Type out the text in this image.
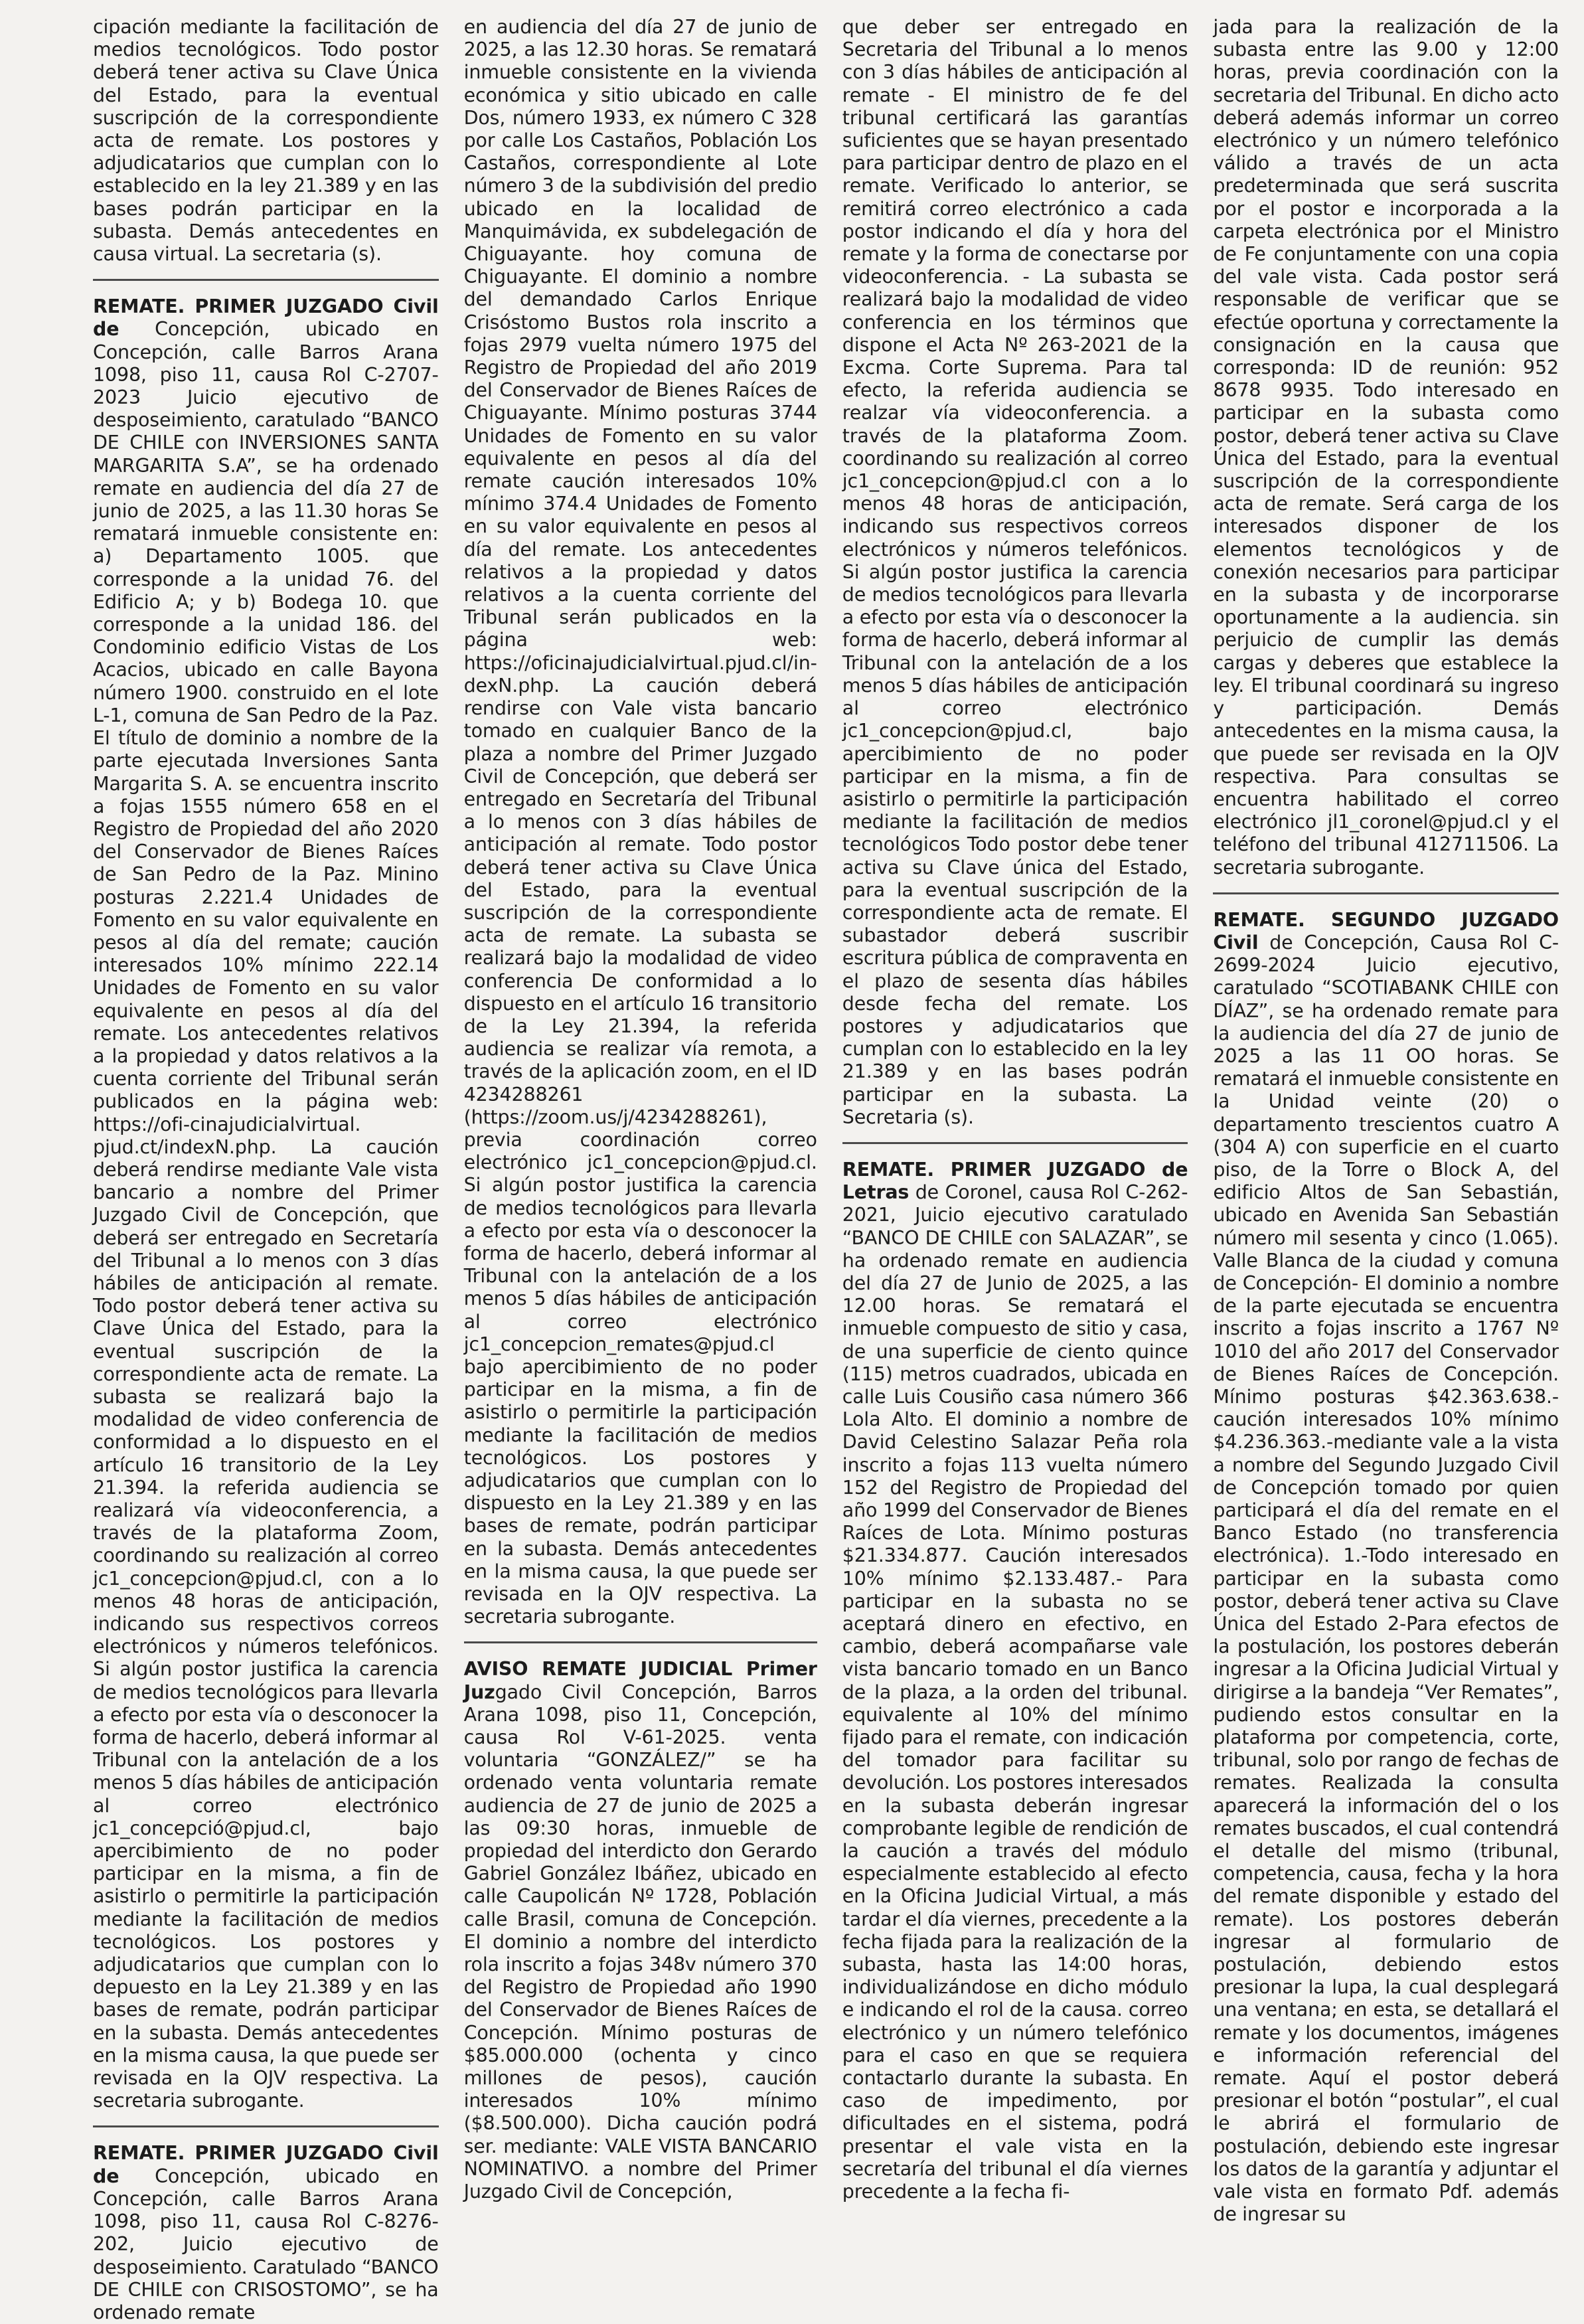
cipación mediante la facilitación de medios tecnológicos. Todo postor deberá tener activa su Clave Única del Estado, para la eventual suscripción de la correspondiente acta de remate. Los postores y adjudicatarios que cumplan con lo establecido en la ley 21.389 y en las bases podrán participar en la subasta. Demás antecedentes en causa virtual. La secretaria (s).

REMATE. PRIMER JUZGADO Civil de Concepción, ubicado en Concepción, calle Barros Arana 1098, piso 11, causa Rol C-2707-2023 Juicio ejecutivo de desposeimiento, caratulado “BANCO DE CHILE con INVERSIONES SANTA MARGARITA S.A”, se ha ordenado remate en audiencia del día 27 de junio de 2025, a las 11.30 horas Se rematará inmueble consistente en: a) Departamento 1005. que corresponde a la unidad 76. del Edificio A; y b) Bodega 10. que corresponde a la unidad 186. del Condominio edificio Vistas de Los Acacios, ubicado en calle Bayona número 1900. construido en el lote L-1, comuna de San Pedro de la Paz. El título de dominio a nombre de la parte ejecutada Inversiones Santa Margarita S. A. se encuentra inscrito a fojas 1555 número 658 en el Registro de Propiedad del año 2020 del Conservador de Bienes Raíces de San Pedro de la Paz. Minino posturas 2.221.4 Unidades de Fomento en su valor equivalente en pesos al día del remate; caución interesados 10% mínimo 222.14 Unidades de Fomento en su valor equivalente en pesos al día del remate. Los antecedentes relativos a la propiedad y datos relativos a la cuenta corriente del Tribunal serán publicados en la página web: https://ofi-cinajudicialvirtual. pjud.ct/indexN.php. La caución deberá rendirse mediante Vale vista bancario a nombre del Primer Juzgado Civil de Concepción, que deberá ser entregado en Secretaría del Tribunal a lo menos con 3 días hábiles de anticipación al remate. Todo postor deberá tener activa su Clave Única del Estado, para la eventual suscripción de la correspondiente acta de remate. La subasta se realizará bajo la modalidad de video conferencia de conformidad a lo dispuesto en el artículo 16 transitorio de la Ley 21.394. la referida audiencia se realizará vía videoconferencia, a través de la plataforma Zoom, coordinando su realización al correo jc1_concepcion@pjud.cl, con a lo menos 48 horas de anticipación, indicando sus respectivos correos electrónicos y números telefónicos. Si algún postor justifica la carencia de medios tecnológicos para llevarla a efecto por esta vía o desconocer la forma de hacerlo, deberá informar al Tribunal con la antelación de a los menos 5 días hábiles de anticipación al correo electrónico jc1_concepció@pjud.cl, bajo apercibimiento de no poder participar en la misma, a fin de asistirlo o permitirle la participación mediante la facilitación de medios tecnológicos. Los postores y adjudicatarios que cumplan con lo depuesto en la Ley 21.389 y en las bases de remate, podrán participar en la subasta. Demás antecedentes en la misma causa, la que puede ser revisada en la OJV respectiva. La secretaria subrogante.

REMATE. PRIMER JUZGADO Civil de Concepción, ubicado en Concepción, calle Barros Arana 1098, piso 11, causa Rol C-8276-202, Juicio ejecutivo de desposeimiento. Caratulado “BANCO DE CHILE con CRISOSTOMO”, se ha ordenado remate

en audiencia del día 27 de junio de 2025, a las 12.30 horas. Se rematará inmueble consistente en la vivienda económica y sitio ubicado en calle Dos, número 1933, ex número C 328 por calle Los Castaños, Población Los Castaños, correspondiente al Lote número 3 de la subdivisión del predio ubicado en la localidad de Manquimávida, ex subdelegación de Chiguayante. hoy comuna de Chiguayante. El dominio a nombre del demandado Carlos Enrique Crisóstomo Bustos rola inscrito a fojas 2979 vuelta número 1975 del Registro de Propiedad del año 2019 del Conservador de Bienes Raíces de Chiguayante. Mínimo posturas 3744 Unidades de Fomento en su valor equivalente en pesos al día del remate caución interesados 10% mínimo 374.4 Unidades de Fomento en su valor equivalente en pesos al día del remate. Los antecedentes relativos a la propiedad y datos relativos a la cuenta corriente del Tribunal serán publicados en la página web: https://oficinajudicialvirtual.pjud.cl/in-dexN.php. La caución deberá rendirse con Vale vista bancario tomado en cualquier Banco de la plaza a nombre del Primer Juzgado Civil de Concepción, que deberá ser entregado en Secretaría del Tribunal a lo menos con 3 días hábiles de anticipación al remate. Todo postor deberá tener activa su Clave Única del Estado, para la eventual suscripción de la correspondiente acta de remate. La subasta se realizará bajo la modalidad de video conferencia De conformidad a lo dispuesto en el artículo 16 transitorio de la Ley 21.394, la referida audiencia se realizar vía remota, a través de la aplicación zoom, en el ID 4234288261 (https://zoom.us/j/4234288261), previa coordinación correo electrónico jc1_concepcion@pjud.cl. Si algún postor justifica la carencia de medios tecnológicos para llevarla a efecto por esta vía o desconocer la forma de hacerlo, deberá informar al Tribunal con la antelación de a los menos 5 días hábiles de anticipación al correo electrónico jc1_concepcion_remates@pjud.cl bajo apercibimiento de no poder participar en la misma, a fin de asistirlo o permitirle la participación mediante la facilitación de medios tecnológicos. Los postores y adjudicatarios que cumplan con lo dispuesto en la Ley 21.389 y en las bases de remate, podrán participar en la subasta. Demás antecedentes en la misma causa, la que puede ser revisada en la OJV respectiva. La secretaria subrogante.

AVISO REMATE JUDICIAL Primer Juzgado Civil Concepción, Barros Arana 1098, piso 11, Concepción, causa Rol V-61-2025. venta voluntaria “GONZÁLEZ/” se ha ordenado venta voluntaria remate audiencia de 27 de junio de 2025 a las 09:30 horas, inmueble de propiedad del interdicto don Gerardo Gabriel González Ibáñez, ubicado en calle Caupolicán Nº 1728, Población calle Brasil, comuna de Concepción. El dominio a nombre del interdicto rola inscrito a fojas 348v número 370 del Registro de Propiedad año 1990 del Conservador de Bienes Raíces de Concepción. Mínimo posturas de $85.000.000 (ochenta y cinco millones de pesos), caución interesados 10% mínimo ($8.500.000). Dicha caución podrá ser. mediante: VALE VISTA BANCARIO NOMINATIVO. a nombre del Primer Juzgado Civil de Concepción,

que deber ser entregado en Secretaria del Tribunal a lo menos con 3 días hábiles de anticipación al remate - El ministro de fe del tribunal certificará las garantías suficientes que se hayan presentado para participar dentro de plazo en el remate. Verificado lo anterior, se remitirá correo electrónico a cada postor indicando el día y hora del remate y la forma de conectarse por videoconferencia. - La subasta se realizará bajo la modalidad de video conferencia en los términos que dispone el Acta Nº 263-2021 de la Excma. Corte Suprema. Para tal efecto, la referida audiencia se realzar vía videoconferencia. a través de la plataforma Zoom. coordinando su realización al correo jc1_concepcion@pjud.cl con a lo menos 48 horas de anticipación, indicando sus respectivos correos electrónicos y números telefónicos. Si algún postor justifica la carencia de medios tecnológicos para llevarla a efecto por esta vía o desconocer la forma de hacerlo, deberá informar al Tribunal con la antelación de a los menos 5 días hábiles de anticipación al correo electrónico jc1_concepcion@pjud.cl, bajo apercibimiento de no poder participar en la misma, a fin de asistirlo o permitirle la participación mediante la facilitación de medios tecnológicos Todo postor debe tener activa su Clave única del Estado, para la eventual suscripción de la correspondiente acta de remate. El subastador deberá suscribir escritura pública de compraventa en el plazo de sesenta días hábiles desde fecha del remate. Los postores y adjudicatarios que cumplan con lo establecido en la ley 21.389 y en las bases podrán participar en la subasta. La Secretaria (s).

REMATE. PRIMER JUZGADO de Letras de Coronel, causa Rol C-262-2021, Juicio ejecutivo caratulado “BANCO DE CHILE con SALAZAR”, se ha ordenado remate en audiencia del día 27 de Junio de 2025, a las 12.00 horas. Se rematará el inmueble compuesto de sitio y casa, de una superficie de ciento quince (115) metros cuadrados, ubicada en calle Luis Cousiño casa número 366 Lola Alto. El dominio a nombre de David Celestino Salazar Peña rola inscrito a fojas 113 vuelta número 152 del Registro de Propiedad del año 1999 del Conservador de Bienes Raíces de Lota. Mínimo posturas $21.334.877. Caución interesados 10% mínimo $2.133.487.- Para participar en la subasta no se aceptará dinero en efectivo, en cambio, deberá acompañarse vale vista bancario tomado en un Banco de la plaza, a la orden del tribunal. equivalente al 10% del mínimo fijado para el remate, con indicación del tomador para facilitar su devolución. Los postores interesados en la subasta deberán ingresar comprobante legible de rendición de la caución a través del módulo especialmente establecido al efecto en la Oficina Judicial Virtual, a más tardar el día viernes, precedente a la fecha fijada para la realización de la subasta, hasta las 14:00 horas, individualizándose en dicho módulo e indicando el rol de la causa. correo electrónico y un número telefónico para el caso en que se requiera contactarlo durante la subasta. En caso de impedimento, por dificultades en el sistema, podrá presentar el vale vista en la secretaría del tribunal el día viernes precedente a la fecha fi-

jada para la realización de la subasta entre las 9.00 y 12:00 horas, previa coordinación con la secretaria del Tribunal. En dicho acto deberá además informar un correo electrónico y un número telefónico válido a través de un acta predeterminada que será suscrita por el postor e incorporada a la carpeta electrónica por el Ministro de Fe conjuntamente con una copia del vale vista. Cada postor será responsable de verificar que se efectúe oportuna y correctamente la consignación en la causa que corresponda: ID de reunión: 952 8678 9935. Todo interesado en participar en la subasta como postor, deberá tener activa su Clave Única del Estado, para la eventual suscripción de la correspondiente acta de remate. Será carga de los interesados disponer de los elementos tecnológicos y de conexión necesarios para participar en la subasta y de incorporarse oportunamente a la audiencia. sin perjuicio de cumplir las demás cargas y deberes que establece la ley. El tribunal coordinará su ingreso y participación. Demás antecedentes en la misma causa, la que puede ser revisada en la OJV respectiva. Para consultas se encuentra habilitado el correo electrónico jl1_coronel@pjud.cl y el teléfono del tribunal 412711506. La secretaria subrogante.

REMATE. SEGUNDO JUZGADO Civil de Concepción, Causa Rol C-2699-2024 Juicio ejecutivo, caratulado “SCOTIABANK CHILE con DÍAZ”, se ha ordenado remate para la audiencia del día 27 de junio de 2025 a las 11 OO horas. Se rematará el inmueble consistente en la Unidad veinte (20) o departamento trescientos cuatro A (304 A) con superficie en el cuarto piso, de la Torre o Block A, del edificio Altos de San Sebastián, ubicado en Avenida San Sebastián número mil sesenta y cinco (1.065). Valle Blanca de la ciudad y comuna de Concepción- El dominio a nombre de la parte ejecutada se encuentra inscrito a fojas inscrito a 1767 Nº 1010 del año 2017 del Conservador de Bienes Raíces de Concepción. Mínimo posturas $42.363.638.- caución interesados 10% mínimo $4.236.363.-mediante vale a la vista a nombre del Segundo Juzgado Civil de Concepción tomado por quien participará el día del remate en el Banco Estado (no transferencia electrónica). 1.-Todo interesado en participar en la subasta como postor, deberá tener activa su Clave Única del Estado 2-Para efectos de la postulación, los postores deberán ingresar a la Oficina Judicial Virtual y dirigirse a la bandeja “Ver Remates”, pudiendo estos consultar en la plataforma por competencia, corte, tribunal, solo por rango de fechas de remates. Realizada la consulta aparecerá la información del o los remates buscados, el cual contendrá el detalle del mismo (tribunal, competencia, causa, fecha y la hora del remate disponible y estado del remate). Los postores deberán ingresar al formulario de postulación, debiendo estos presionar la lupa, la cual desplegará una ventana; en esta, se detallará el remate y los documentos, imágenes e información referencial del remate. Aquí el postor deberá presionar el botón “postular”, el cual le abrirá el formulario de postulación, debiendo este ingresar los datos de la garantía y adjuntar el vale vista en formato Pdf. además de ingresar su
